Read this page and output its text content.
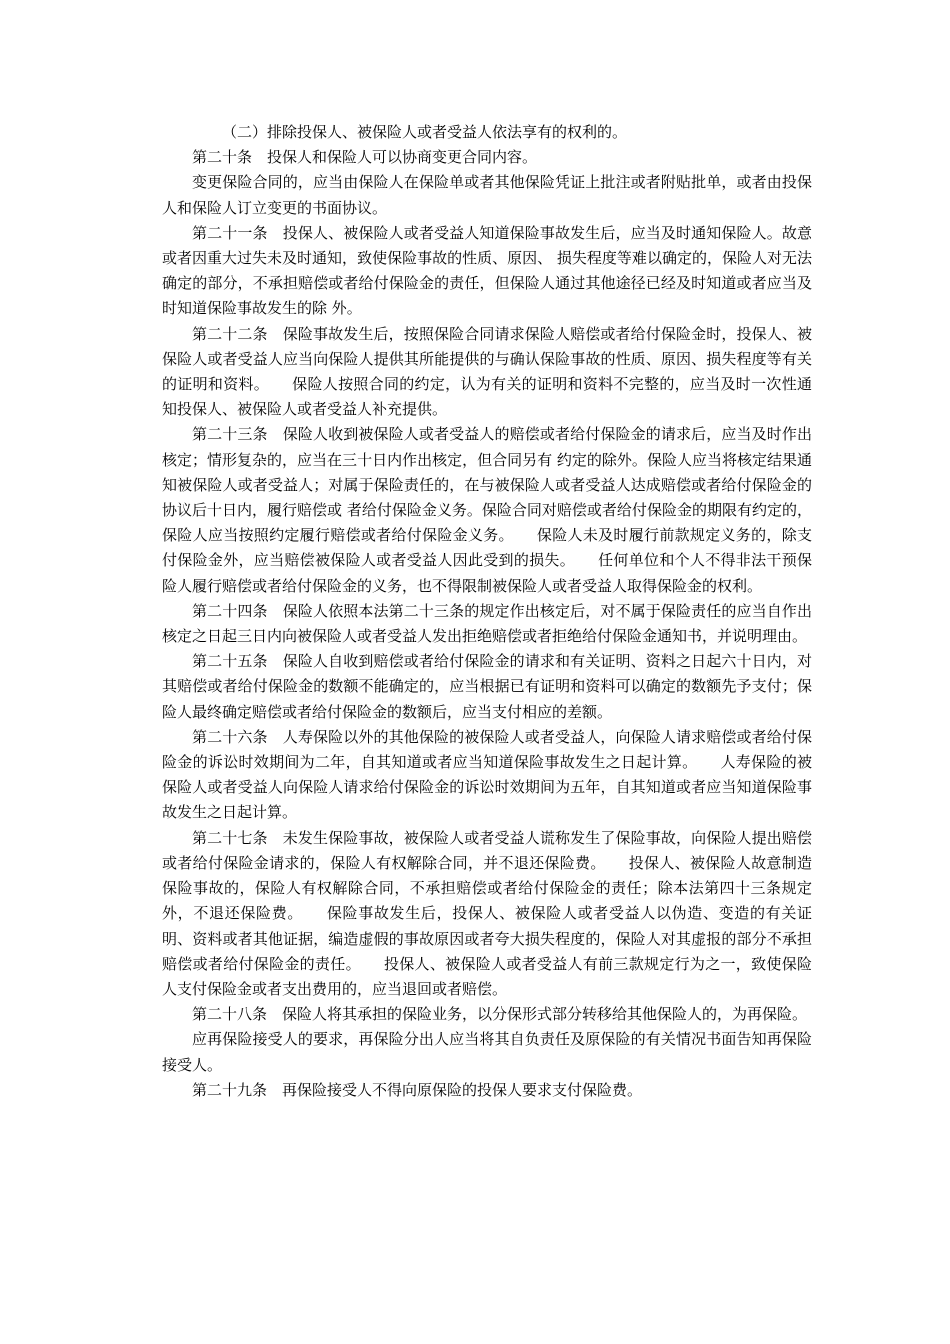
（二）排除投保人、被保险人或者受益人依法享有的权利的。

第二十条　投保人和保险人可以协商变更合同内容。

变更保险合同的，应当由保险人在保险单或者其他保险凭证上批注或者附贴批单，或者由投保人和保险人订立变更的书面协议。

第二十一条　投保人、被保险人或者受益人知道保险事故发生后，应当及时通知保险人。故意或者因重大过失未及时通知，致使保险事故的性质、原因、 损失程度等难以确定的，保险人对无法确定的部分，不承担赔偿或者给付保险金的责任，但保险人通过其他途径已经及时知道或者应当及时知道保险事故发生的除 外。

第二十二条　保险事故发生后，按照保险合同请求保险人赔偿或者给付保险金时，投保人、被保险人或者受益人应当向保险人提供其所能提供的与确认保险事故的性质、原因、损失程度等有关的证明和资料。　　保险人按照合同的约定，认为有关的证明和资料不完整的，应当及时一次性通知投保人、被保险人或者受益人补充提供。

第二十三条　保险人收到被保险人或者受益人的赔偿或者给付保险金的请求后，应当及时作出核定；情形复杂的，应当在三十日内作出核定，但合同另有 约定的除外。保险人应当将核定结果通知被保险人或者受益人；对属于保险责任的，在与被保险人或者受益人达成赔偿或者给付保险金的协议后十日内，履行赔偿或 者给付保险金义务。保险合同对赔偿或者给付保险金的期限有约定的，保险人应当按照约定履行赔偿或者给付保险金义务。　　保险人未及时履行前款规定义务的，除支付保险金外，应当赔偿被保险人或者受益人因此受到的损失。　　任何单位和个人不得非法干预保险人履行赔偿或者给付保险金的义务，也不得限制被保险人或者受益人取得保险金的权利。

第二十四条　保险人依照本法第二十三条的规定作出核定后，对不属于保险责任的应当自作出核定之日起三日内向被保险人或者受益人发出拒绝赔偿或者拒绝给付保险金通知书，并说明理由。

第二十五条　保险人自收到赔偿或者给付保险金的请求和有关证明、资料之日起六十日内，对其赔偿或者给付保险金的数额不能确定的，应当根据已有证明和资料可以确定的数额先予支付；保险人最终确定赔偿或者给付保险金的数额后，应当支付相应的差额。

第二十六条　人寿保险以外的其他保险的被保险人或者受益人，向保险人请求赔偿或者给付保险金的诉讼时效期间为二年，自其知道或者应当知道保险事故发生之日起计算。　　人寿保险的被保险人或者受益人向保险人请求给付保险金的诉讼时效期间为五年，自其知道或者应当知道保险事故发生之日起计算。

第二十七条　未发生保险事故，被保险人或者受益人谎称发生了保险事故，向保险人提出赔偿或者给付保险金请求的，保险人有权解除合同，并不退还保险费。　　投保人、被保险人故意制造保险事故的，保险人有权解除合同，不承担赔偿或者给付保险金的责任；除本法第四十三条规定外，不退还保险费。　　保险事故发生后，投保人、被保险人或者受益人以伪造、变造的有关证明、资料或者其他证据，编造虚假的事故原因或者夸大损失程度的，保险人对其虚报的部分不承担赔偿或者给付保险金的责任。　　投保人、被保险人或者受益人有前三款规定行为之一，致使保险人支付保险金或者支出费用的，应当退回或者赔偿。

第二十八条　保险人将其承担的保险业务，以分保形式部分转移给其他保险人的，为再保险。

应再保险接受人的要求，再保险分出人应当将其自负责任及原保险的有关情况书面告知再保险接受人。

第二十九条　再保险接受人不得向原保险的投保人要求支付保险费。
